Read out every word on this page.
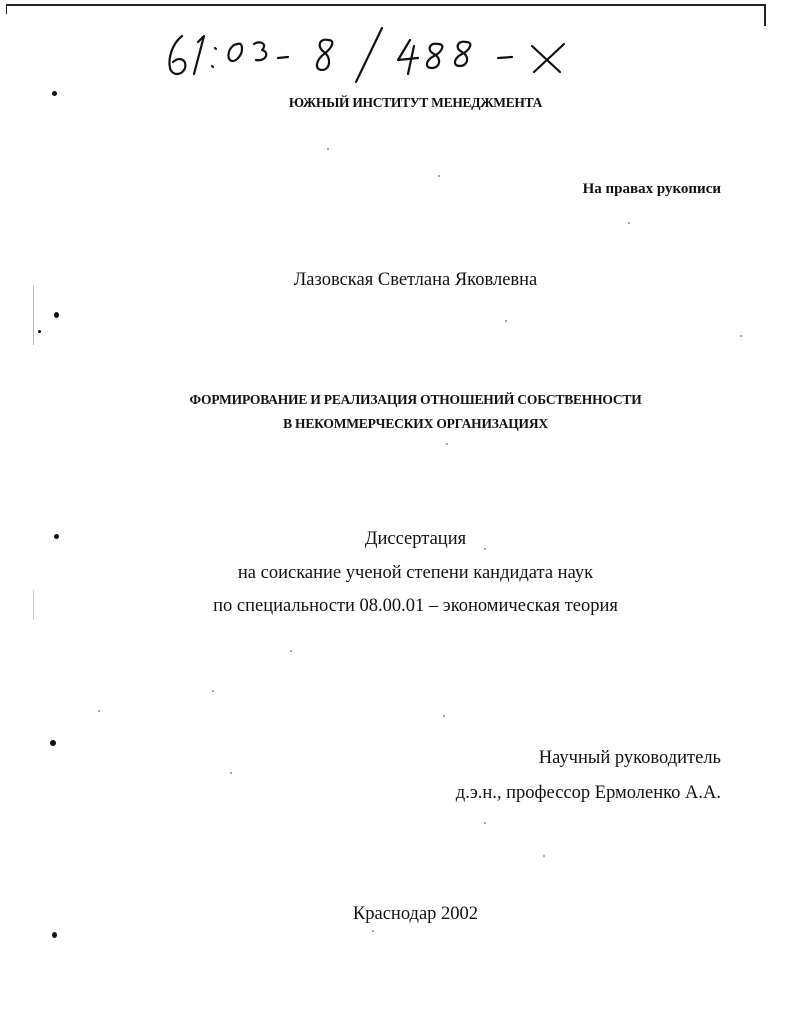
ЮЖНЫЙ ИНСТИТУТ МЕНЕДЖМЕНТА
На правах рукописи
Лазовская Светлана Яковлевна
ФОРМИРОВАНИЕ И РЕАЛИЗАЦИЯ ОТНОШЕНИЙ СОБСТВЕННОСТИ
В НЕКОММЕРЧЕСКИХ ОРГАНИЗАЦИЯХ
Диссертация
на соискание ученой степени кандидата наук
по специальности 08.00.01 – экономическая теория
Научный руководитель
д.э.н., профессор Ермоленко А.А.
Краснодар 2002
